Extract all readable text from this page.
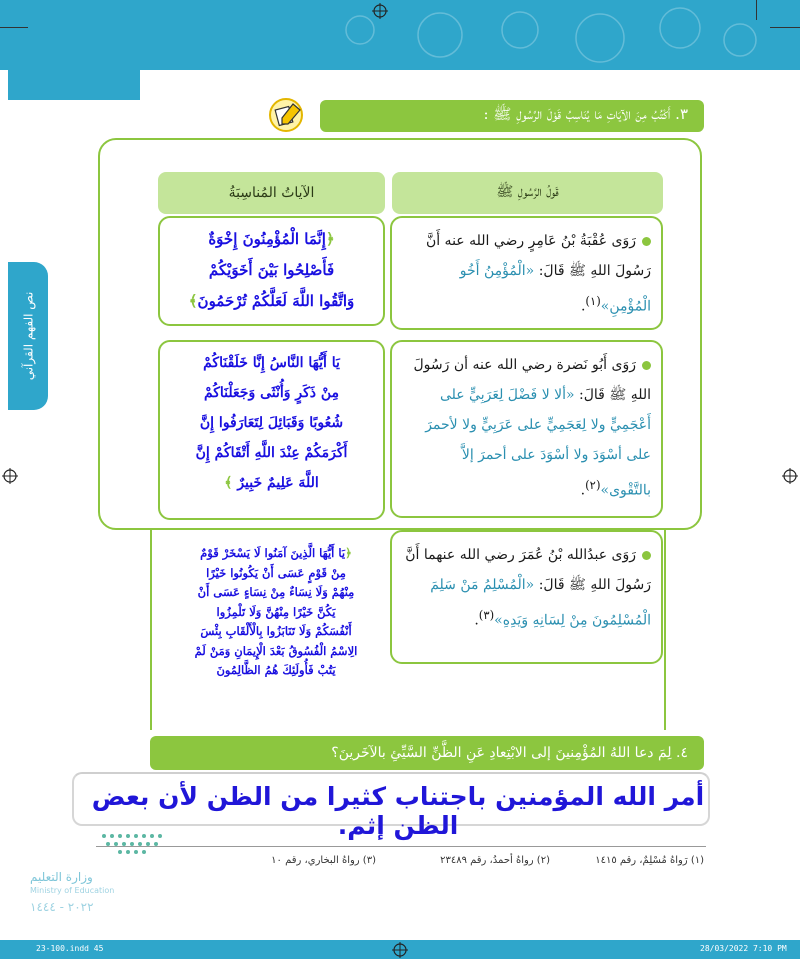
نص الفهم القرآني
٣. أَكْتُبُ مِنَ الآيَاتِ مَا يُنَاسِبُ قَوْلَ الرَّسُولِ ﷺ :
قَولُ الرَّسُولِ ﷺ
الآياتُ المُناسِبَةُ
رَوَى عُقْبَةُ بْنُ عَامِرٍ رضي الله عنه أَنَّ رَسُولَ اللهِ ﷺ قَالَ: «الْمُؤْمِنُ أَخُو الْمُؤْمِنِ»$^{(١)}$.
﴿إِنَّمَا الْمُؤْمِنُونَ إِخْوَةٌ
فَأَصْلِحُوا بَيْنَ أَخَوَيْكُمْ
وَاتَّقُوا اللَّهَ لَعَلَّكُمْ تُرْحَمُونَ﴾
رَوَى أَبُو نَضرة رضي الله عنه أن رَسُولَ اللهِ ﷺ قَالَ: «ألا لا فَضْلَ لِعَرَبِيٍّ على أَعْجَمِيٍّ ولا لِعَجَمِيٍّ على عَرَبِيٍّ ولا لأحمرَ على أسْوَدَ ولا أسْوَدَ على أحمرَ إلاَّ بالتَّقْوى»$^{(٢)}$.
يَا أَيُّهَا النَّاسُ إِنَّا خَلَقْنَاكُمْ
مِنْ ذَكَرٍ وَأُنْثَى وَجَعَلْنَاكُمْ
شُعُوبًا وَقَبَائِلَ لِتَعَارَفُوا إِنَّ
أَكْرَمَكُمْ عِنْدَ اللَّهِ أَتْقَاكُمْ إِنَّ
اللَّهَ عَلِيمٌ خَبِيرٌ ﴾
رَوَى عبدُالله بْنُ عُمَرَ رضي الله عنهما أَنَّ رَسُولَ اللهِ ﷺ قَالَ: «الْمُسْلِمُ مَنْ سَلِمَ الْمُسْلِمُونَ مِنْ لِسَانِهِ وَيَدِهِ»$^{(٣)}$.
﴿يَا أَيُّهَا الَّذِينَ آمَنُوا لَا يَسْخَرْ قَوْمٌ
مِنْ قَوْمٍ عَسَى أَنْ يَكُونُوا خَيْرًا
مِنْهُمْ وَلَا نِسَاءٌ مِنْ نِسَاءٍ عَسَى أَنْ
يَكُنَّ خَيْرًا مِنْهُنَّ وَلَا تَلْمِزُوا
أَنْفُسَكُمْ وَلَا تَنَابَزُوا بِالْأَلْقَابِ بِئْسَ
الِاسْمُ الْفُسُوقُ بَعْدَ الْإِيمَانِ وَمَنْ لَمْ
يَتُبْ فَأُولَئِكَ هُمُ الظَّالِمُونَ
٤. لِمَ دعا اللهُ المُؤْمِنينَ إلى الابْتِعادِ عَنِ الظَّنِّ السَّيِّئِ بالآخَرينَ؟
أمر الله المؤمنين باجتناب كثيرا من الظن لأن بعض الظن إثم.
(١) رَواهُ مُسْلِمٌ، رقم ١٤١٥
(٢) رواهُ أحمدُ، رقم ٢٣٤٨٩
(٣) رواهُ البخاري، رقم ١٠
وزارة التعليم
Ministry of Education
٢٠٢٢ - ١٤٤٤
23-100.indd 45	28/03/2022 7:10 PM
